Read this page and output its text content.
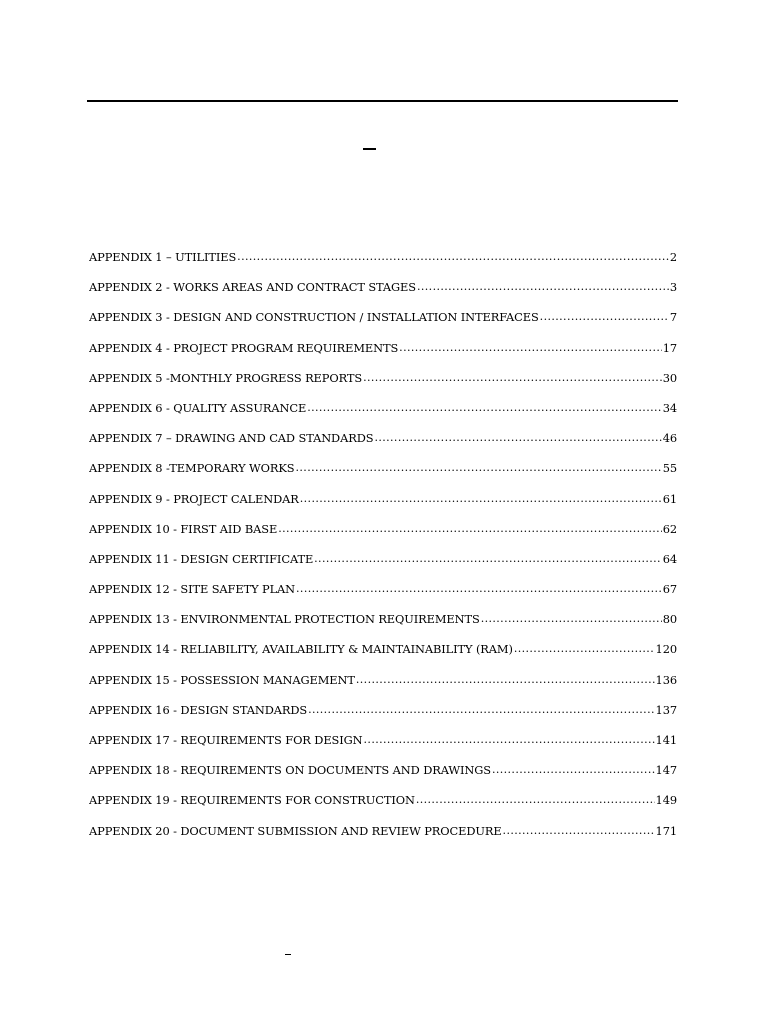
APPENDIX 1 – UTILITIES .....	2
APPENDIX 2 - WORKS AREAS AND CONTRACT STAGES .....	3
APPENDIX 3 - DESIGN AND CONSTRUCTION / INSTALLATION INTERFACES .....	7
APPENDIX 4 - PROJECT PROGRAM REQUIREMENTS .....	17
APPENDIX 5 -MONTHLY PROGRESS REPORTS .....	30
APPENDIX 6 - QUALITY ASSURANCE .....	34
APPENDIX 7 – DRAWING AND CAD STANDARDS .....	46
APPENDIX 8 -TEMPORARY WORKS .....	55
APPENDIX 9 - PROJECT CALENDAR .....	61
APPENDIX 10 - FIRST AID BASE .....	62
APPENDIX 11 - DESIGN CERTIFICATE .....	64
APPENDIX 12 - SITE SAFETY PLAN .....	67
APPENDIX 13 - ENVIRONMENTAL PROTECTION REQUIREMENTS .....	80
APPENDIX 14 - RELIABILITY, AVAILABILITY & MAINTAINABILITY (RAM) .....	120
APPENDIX 15 - POSSESSION MANAGEMENT .....	136
APPENDIX 16 - DESIGN STANDARDS .....	137
APPENDIX 17 - REQUIREMENTS FOR DESIGN .....	141
APPENDIX 18 - REQUIREMENTS ON DOCUMENTS AND DRAWINGS .....	147
APPENDIX 19 - REQUIREMENTS FOR CONSTRUCTION .....	149
APPENDIX 20 - DOCUMENT SUBMISSION AND REVIEW PROCEDURE .....	171
